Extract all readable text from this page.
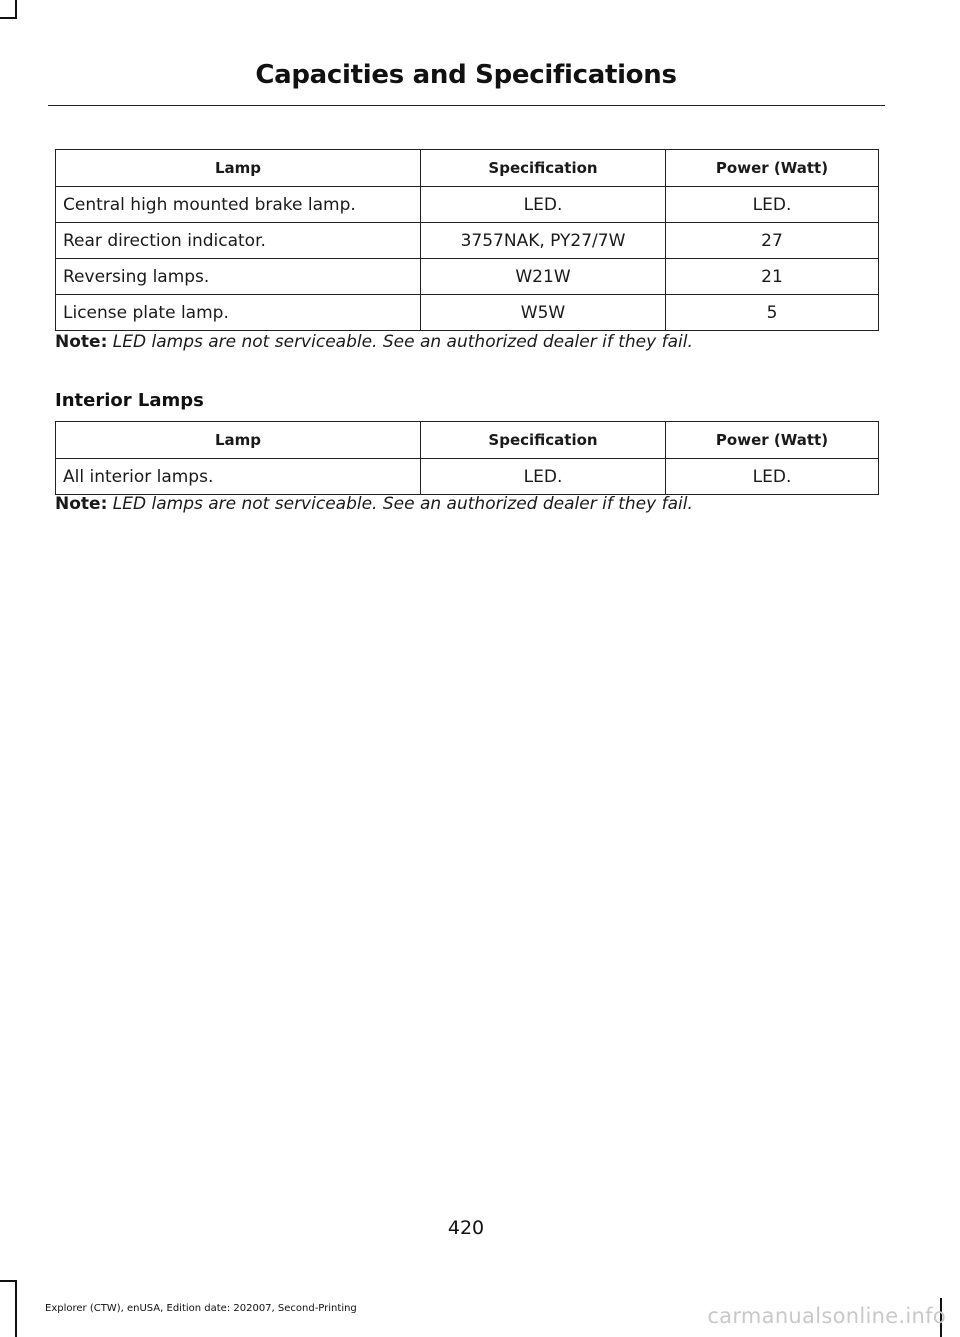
Capacities and Specifications
Lamp	Specification	Power (Watt)
Central high mounted brake lamp.	LED.	LED.
Rear direction indicator.	3757NAK, PY27/7W	27
Reversing lamps.	W21W	21
License plate lamp.	W5W	5
Note: LED lamps are not serviceable. See an authorized dealer if they fail.
Interior Lamps
Lamp	Specification	Power (Watt)
All interior lamps.	LED.	LED.
Note: LED lamps are not serviceable. See an authorized dealer if they fail.
420
Explorer (CTW), enUSA, Edition date: 202007, Second-Printing	carmanualsonline.info
